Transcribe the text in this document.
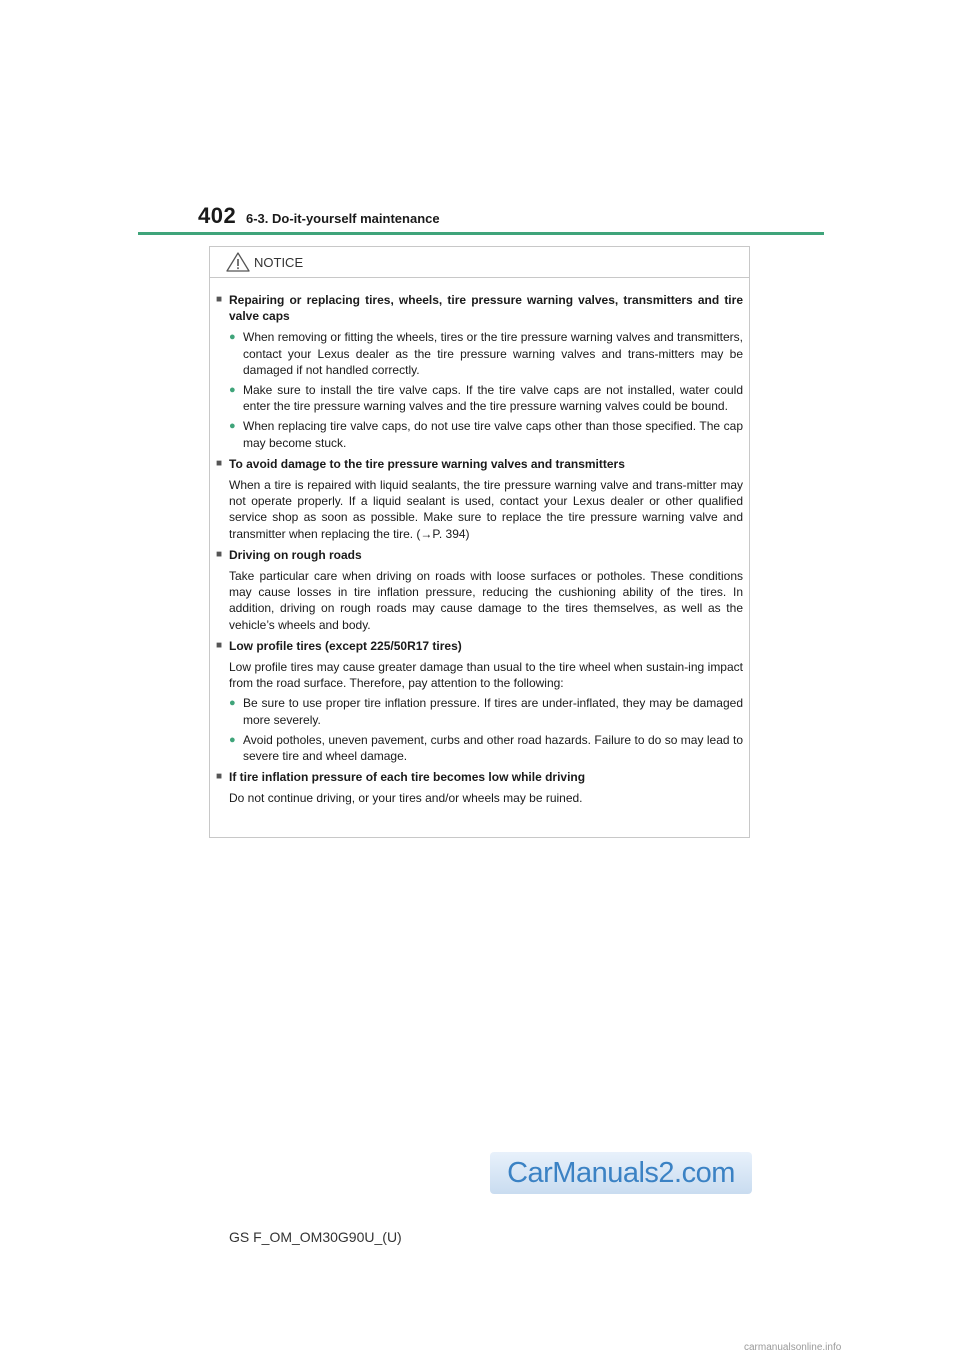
402 6-3. Do-it-yourself maintenance
NOTICE
■ Repairing or replacing tires, wheels, tire pressure warning valves, transmitters and tire valve caps
● When removing or fitting the wheels, tires or the tire pressure warning valves and transmitters, contact your Lexus dealer as the tire pressure warning valves and trans-mitters may be damaged if not handled correctly.
● Make sure to install the tire valve caps. If the tire valve caps are not installed, water could enter the tire pressure warning valves and the tire pressure warning valves could be bound.
● When replacing tire valve caps, do not use tire valve caps other than those specified. The cap may become stuck.
■ To avoid damage to the tire pressure warning valves and transmitters
When a tire is repaired with liquid sealants, the tire pressure warning valve and trans-mitter may not operate properly. If a liquid sealant is used, contact your Lexus dealer or other qualified service shop as soon as possible. Make sure to replace the tire pressure warning valve and transmitter when replacing the tire. (→P. 394)
■ Driving on rough roads
Take particular care when driving on roads with loose surfaces or potholes. These conditions may cause losses in tire inflation pressure, reducing the cushioning ability of the tires. In addition, driving on rough roads may cause damage to the tires themselves, as well as the vehicle’s wheels and body.
■ Low profile tires (except 225/50R17 tires)
Low profile tires may cause greater damage than usual to the tire wheel when sustain-ing impact from the road surface. Therefore, pay attention to the following:
● Be sure to use proper tire inflation pressure. If tires are under-inflated, they may be damaged more severely.
● Avoid potholes, uneven pavement, curbs and other road hazards. Failure to do so may lead to severe tire and wheel damage.
■ If tire inflation pressure of each tire becomes low while driving
Do not continue driving, or your tires and/or wheels may be ruined.
GS F_OM_OM30G90U_(U)
CarManuals2.com
carmanualsonline.info
